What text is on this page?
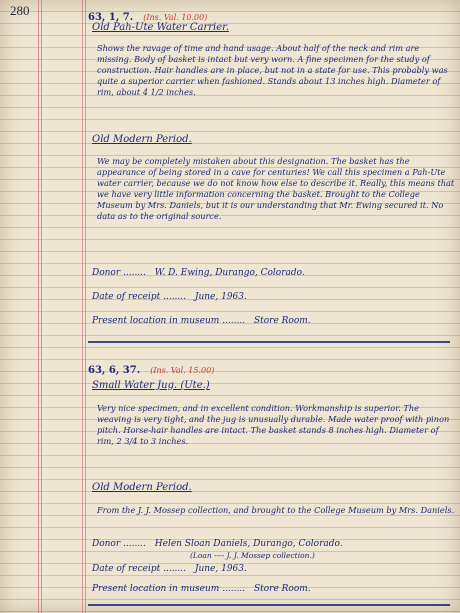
280	63, 1, 7. (Ins. Val. 10.00)
Old Pah-Ute Water Carrier.
Shows the ravage of time and hand usage. About half of the neck and rim are missing. Body of basket is intact but very worn. A fine specimen for the study of construction. Hair handles are in place, but not in a state for use. This probably was quite a superior carrier when fashioned. Stands about 13 inches high. Diameter of rim, about 4 1/2 inches.
Old Modern Period.
We may be completely mistaken about this designation. The basket has the appearance of being stored in a cave for centuries! We call this specimen a Pah-Ute water carrier, because we do not know how else to describe it. Really, this means that we have very little information concerning the basket. Brought to the College Museum by Mrs. Daniels, but it is our understanding that Mr. Ewing secured it. No data as to the original source.
Donor ........ W. D. Ewing, Durango, Colorado.
Date of receipt ........ June, 1963.
Present location in museum ........ Store Room.
63, 6, 37. (Ins. Val. 15.00)
Small Water Jug. (Ute.)
Very nice specimen, and in excellent condition. Workmanship is superior. The weaving is very tight, and the jug is unusually durable. Made water proof with pinon pitch. Horse-hair handles are intact. The basket stands 8 inches high. Diameter of rim, 2 3/4 to 3 inches.
Old Modern Period.
From the J. J. Mossep collection, and brought to the College Museum by Mrs. Daniels.
Donor ........ Helen Sloan Daniels, Durango, Colorado.
(Loan ---- J. J. Mossep collection.)
Date of receipt ........ June, 1963.
Present location in museum ........ Store Room.
